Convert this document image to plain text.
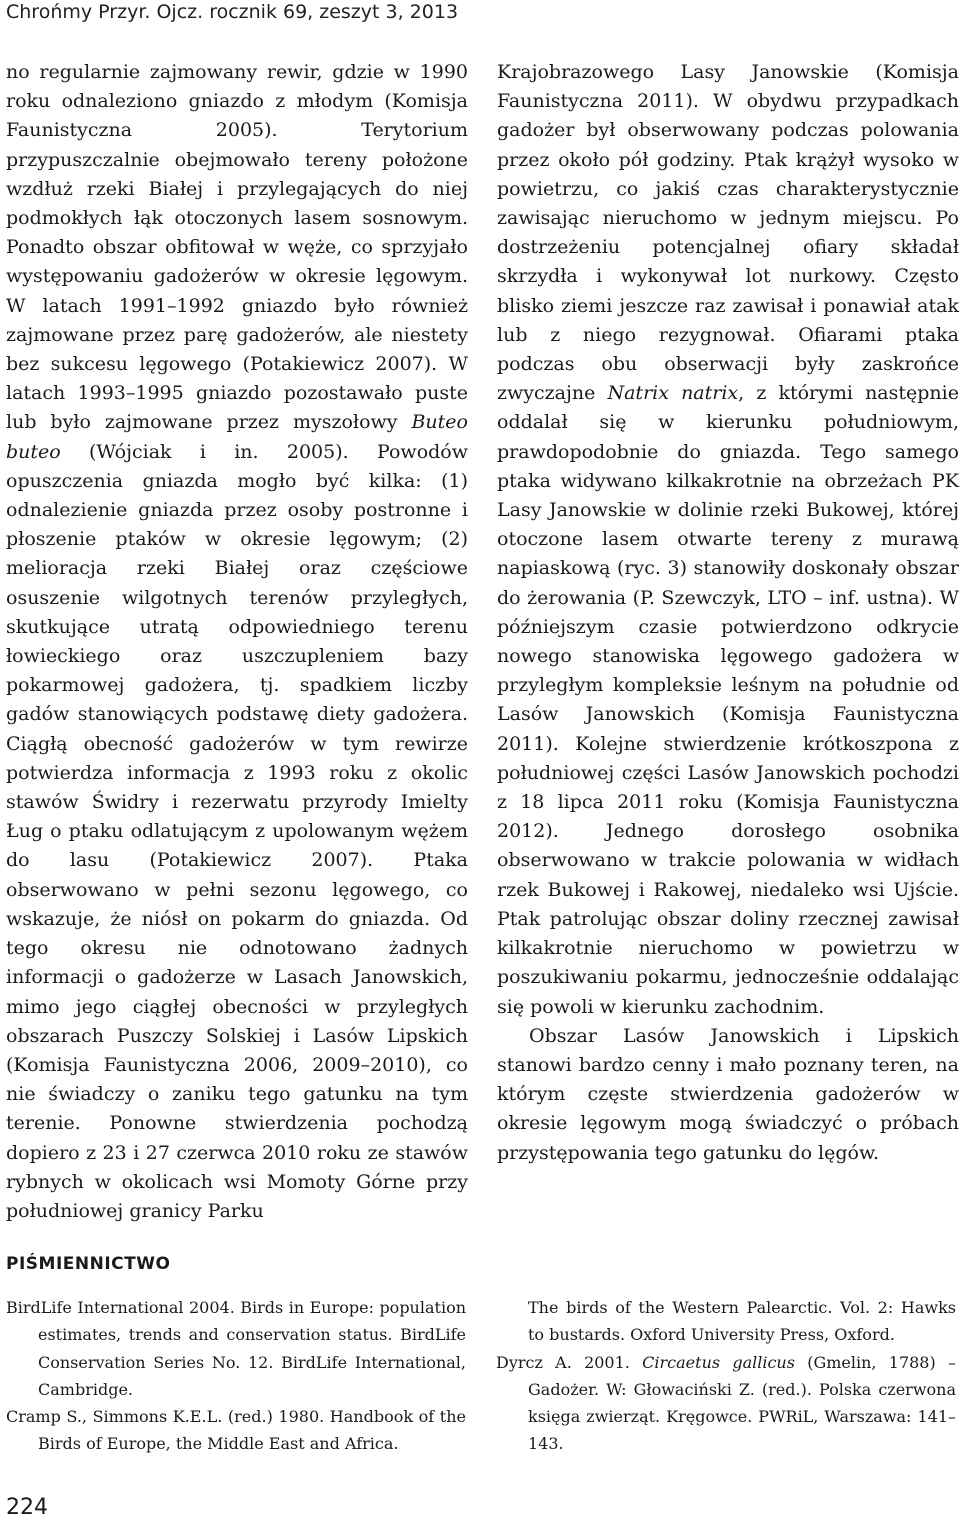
Chrońmy Przyr. Ojcz. rocznik 69, zeszyt 3, 2013

no regularnie zajmowany rewir, gdzie w 1990 roku odnaleziono gniazdo z młodym (Komisja Faunistyczna 2005). Terytorium przypuszczalnie obejmowało tereny położone wzdłuż rzeki Białej i przylegających do niej podmokłych łąk otoczonych lasem sosnowym. Ponadto obszar obfitował w węże, co sprzyjało występowaniu gadożerów w okresie lęgowym. W latach 1991–1992 gniazdo było również zajmowane przez parę gadożerów, ale niestety bez sukcesu lęgowego (Potakiewicz 2007). W latach 1993–1995 gniazdo pozostawało puste lub było zajmowane przez myszołowy Buteo buteo (Wójciak i in. 2005). Powodów opuszczenia gniazda mogło być kilka: (1) odnalezienie gniazda przez osoby postronne i płoszenie ptaków w okresie lęgowym; (2) melioracja rzeki Białej oraz częściowe osuszenie wilgotnych terenów przyległych, skutkujące utratą odpowiedniego terenu łowieckiego oraz uszczupleniem bazy pokarmowej gadożera, tj. spadkiem liczby gadów stanowiących podstawę diety gadożera. Ciągłą obecność gadożerów w tym rewirze potwierdza informacja z 1993 roku z okolic stawów Świdry i rezerwatu przyrody Imielty Ług o ptaku odlatującym z upolowanym wężem do lasu (Potakiewicz 2007). Ptaka obserwowano w pełni sezonu lęgowego, co wskazuje, że niósł on pokarm do gniazda. Od tego okresu nie odnotowano żadnych informacji o gadożerze w Lasach Janowskich, mimo jego ciągłej obecności w przyległych obszarach Puszczy Solskiej i Lasów Lipskich (Komisja Faunistyczna 2006, 2009–2010), co nie świadczy o zaniku tego gatunku na tym terenie. Ponowne stwierdzenia pochodzą dopiero z 23 i 27 czerwca 2010 roku ze stawów rybnych w okolicach wsi Momoty Górne przy południowej granicy Parku

Krajobrazowego Lasy Janowskie (Komisja Faunistyczna 2011). W obydwu przypadkach gadożer był obserwowany podczas polowania przez około pół godziny. Ptak krążył wysoko w powietrzu, co jakiś czas charakterystycznie zawisając nieruchomo w jednym miejscu. Po dostrzeżeniu potencjalnej ofiary składał skrzydła i wykonywał lot nurkowy. Często blisko ziemi jeszcze raz zawisał i ponawiał atak lub z niego rezygnował. Ofiarami ptaka podczas obu obserwacji były zaskrońce zwyczajne Natrix natrix, z którymi następnie oddalał się w kierunku południowym, prawdopodobnie do gniazda. Tego samego ptaka widywano kilkakrotnie na obrzeżach PK Lasy Janowskie w dolinie rzeki Bukowej, której otoczone lasem otwarte tereny z murawą napiaskową (ryc. 3) stanowiły doskonały obszar do żerowania (P. Szewczyk, LTO – inf. ustna). W późniejszym czasie potwierdzono odkrycie nowego stanowiska lęgowego gadożera w przyległym kompleksie leśnym na południe od Lasów Janowskich (Komisja Faunistyczna 2011). Kolejne stwierdzenie krótkoszpona z południowej części Lasów Janowskich pochodzi z 18 lipca 2011 roku (Komisja Faunistyczna 2012). Jednego dorosłego osobnika obserwowano w trakcie polowania w widłach rzek Bukowej i Rakowej, niedaleko wsi Ujście. Ptak patrolując obszar doliny rzecznej zawisał kilkakrotnie nieruchomo w powietrzu w poszukiwaniu pokarmu, jednocześnie oddalając się powoli w kierunku zachodnim.

Obszar Lasów Janowskich i Lipskich stanowi bardzo cenny i mało poznany teren, na którym częste stwierdzenia gadożerów w okresie lęgowym mogą świadczyć o próbach przystępowania tego gatunku do lęgów.

PIŚMIENNICTWO

BirdLife International 2004. Birds in Europe: population estimates, trends and conservation status. BirdLife Conservation Series No. 12. BirdLife International, Cambridge.

Cramp S., Simmons K.E.L. (red.) 1980. Handbook of the Birds of Europe, the Middle East and Africa.

The birds of the Western Palearctic. Vol. 2: Hawks to bustards. Oxford University Press, Oxford.

Dyrcz A. 2001. Circaetus gallicus (Gmelin, 1788) – Gadożer. W: Głowaciński Z. (red.). Polska czerwona księga zwierząt. Kręgowce. PWRiL, Warszawa: 141–143.

224
